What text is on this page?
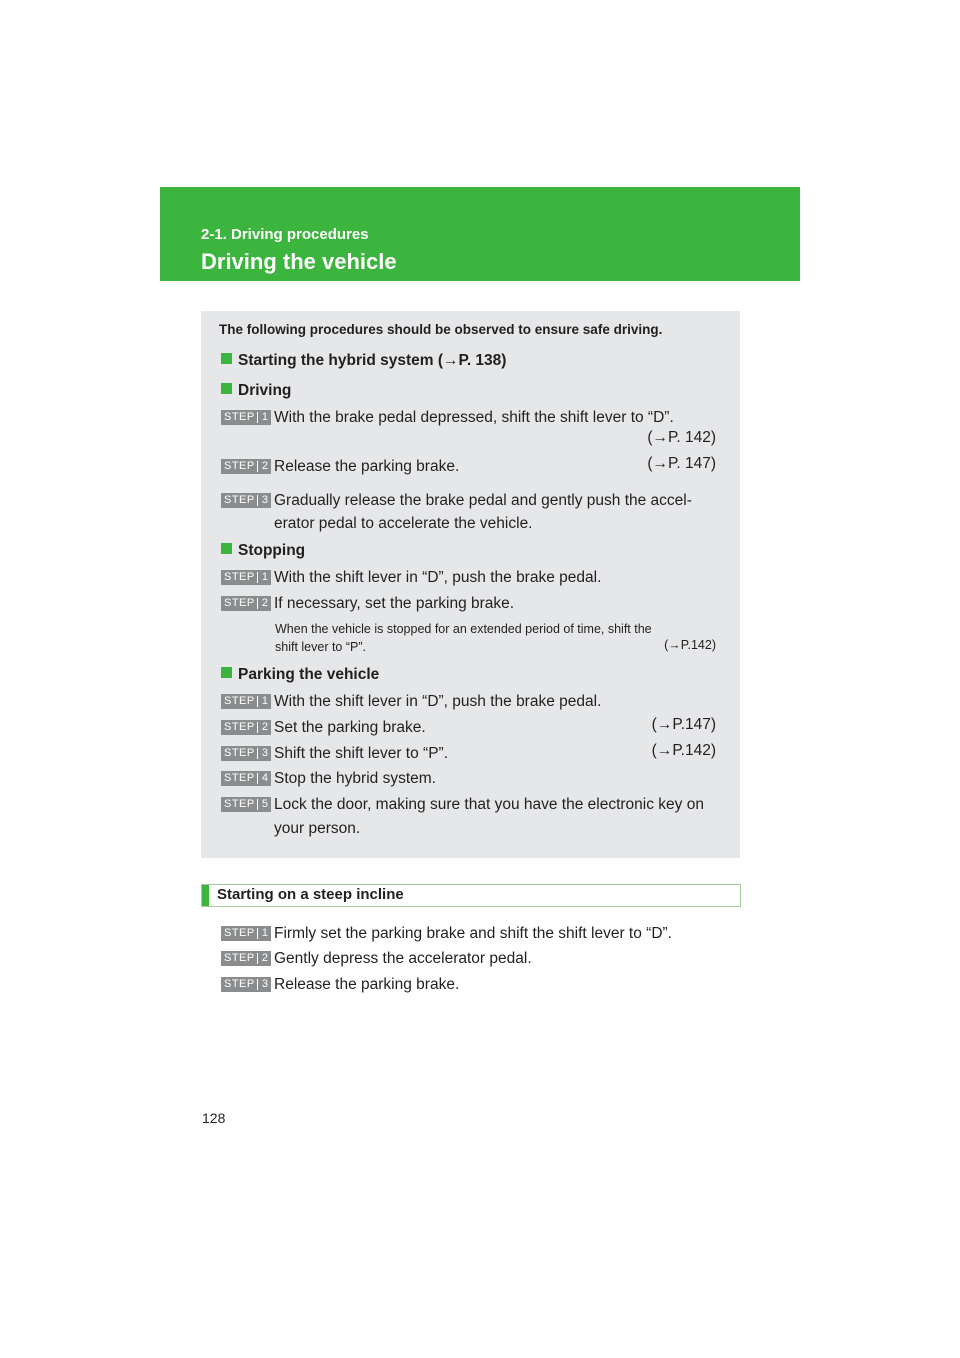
2-1. Driving procedures
Driving the vehicle
The following procedures should be observed to ensure safe driving.
Starting the hybrid system (→P. 138)
Driving
STEP 1 With the brake pedal depressed, shift the shift lever to “D”.
(→P. 142)
STEP 2 Release the parking brake.	(→P. 147)
STEP 3 Gradually release the brake pedal and gently push the accel-
erator pedal to accelerate the vehicle.
Stopping
STEP 1 With the shift lever in “D”, push the brake pedal.
STEP 2 If necessary, set the parking brake.
When the vehicle is stopped for an extended period of time, shift the
shift lever to “P”.	(→P.142)
Parking the vehicle
STEP 1 With the shift lever in “D”, push the brake pedal.
STEP 2 Set the parking brake.	(→P.147)
STEP 3 Shift the shift lever to “P”.	(→P.142)
STEP 4 Stop the hybrid system.
STEP 5 Lock the door, making sure that you have the electronic key on
your person.
Starting on a steep incline
STEP 1 Firmly set the parking brake and shift the shift lever to “D”.
STEP 2 Gently depress the accelerator pedal.
STEP 3 Release the parking brake.
128
